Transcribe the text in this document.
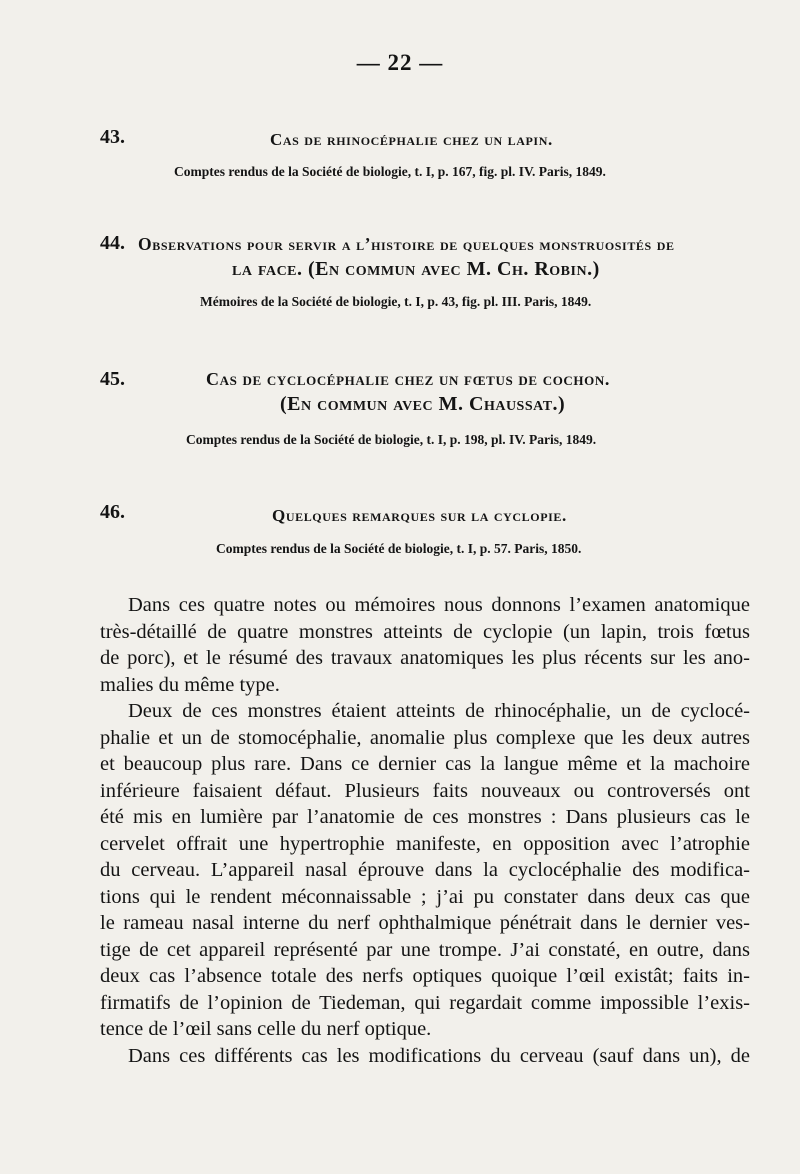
— 22 —
43.	Cas de rhinocéphalie chez un lapin.
Comptes rendus de la Société de biologie, t. I, p. 167, fig. pl. IV. Paris, 1849.
44. Observations pour servir a l’histoire de quelques monstruosités de
la face. (En commun avec M. Ch. Robin.)
Mémoires de la Société de biologie, t. I, p. 43, fig. pl. III. Paris, 1849.
45.	Cas de cyclocéphalie chez un fœtus de cochon.
(En commun avec M. Chaussat.)
Comptes rendus de la Société de biologie, t. I, p. 198, pl. IV. Paris, 1849.
46.	Quelques remarques sur la cyclopie.
Comptes rendus de la Société de biologie, t. I, p. 57. Paris, 1850.

Dans ces quatre notes ou mémoires nous donnons l’examen anatomique
très-détaillé de quatre monstres atteints de cyclopie (un lapin, trois fœtus
de porc), et le résumé des travaux anatomiques les plus récents sur les ano-
malies du même type.

Deux de ces monstres étaient atteints de rhinocéphalie, un de cyclocé-
phalie et un de stomocéphalie, anomalie plus complexe que les deux autres
et beaucoup plus rare. Dans ce dernier cas la langue même et la machoire
inférieure faisaient défaut. Plusieurs faits nouveaux ou controversés ont
été mis en lumière par l’anatomie de ces monstres : Dans plusieurs cas le
cervelet offrait une hypertrophie manifeste, en opposition avec l’atrophie
du cerveau. L’appareil nasal éprouve dans la cyclocéphalie des modifica-
tions qui le rendent méconnaissable ; j’ai pu constater dans deux cas que
le rameau nasal interne du nerf ophthalmique pénétrait dans le dernier ves-
tige de cet appareil représenté par une trompe. J’ai constaté, en outre, dans
deux cas l’absence totale des nerfs optiques quoique l’œil existât; faits in-
firmatifs de l’opinion de Tiedeman, qui regardait comme impossible l’exis-
tence de l’œil sans celle du nerf optique.

Dans ces différents cas les modifications du cerveau (sauf dans un), de
